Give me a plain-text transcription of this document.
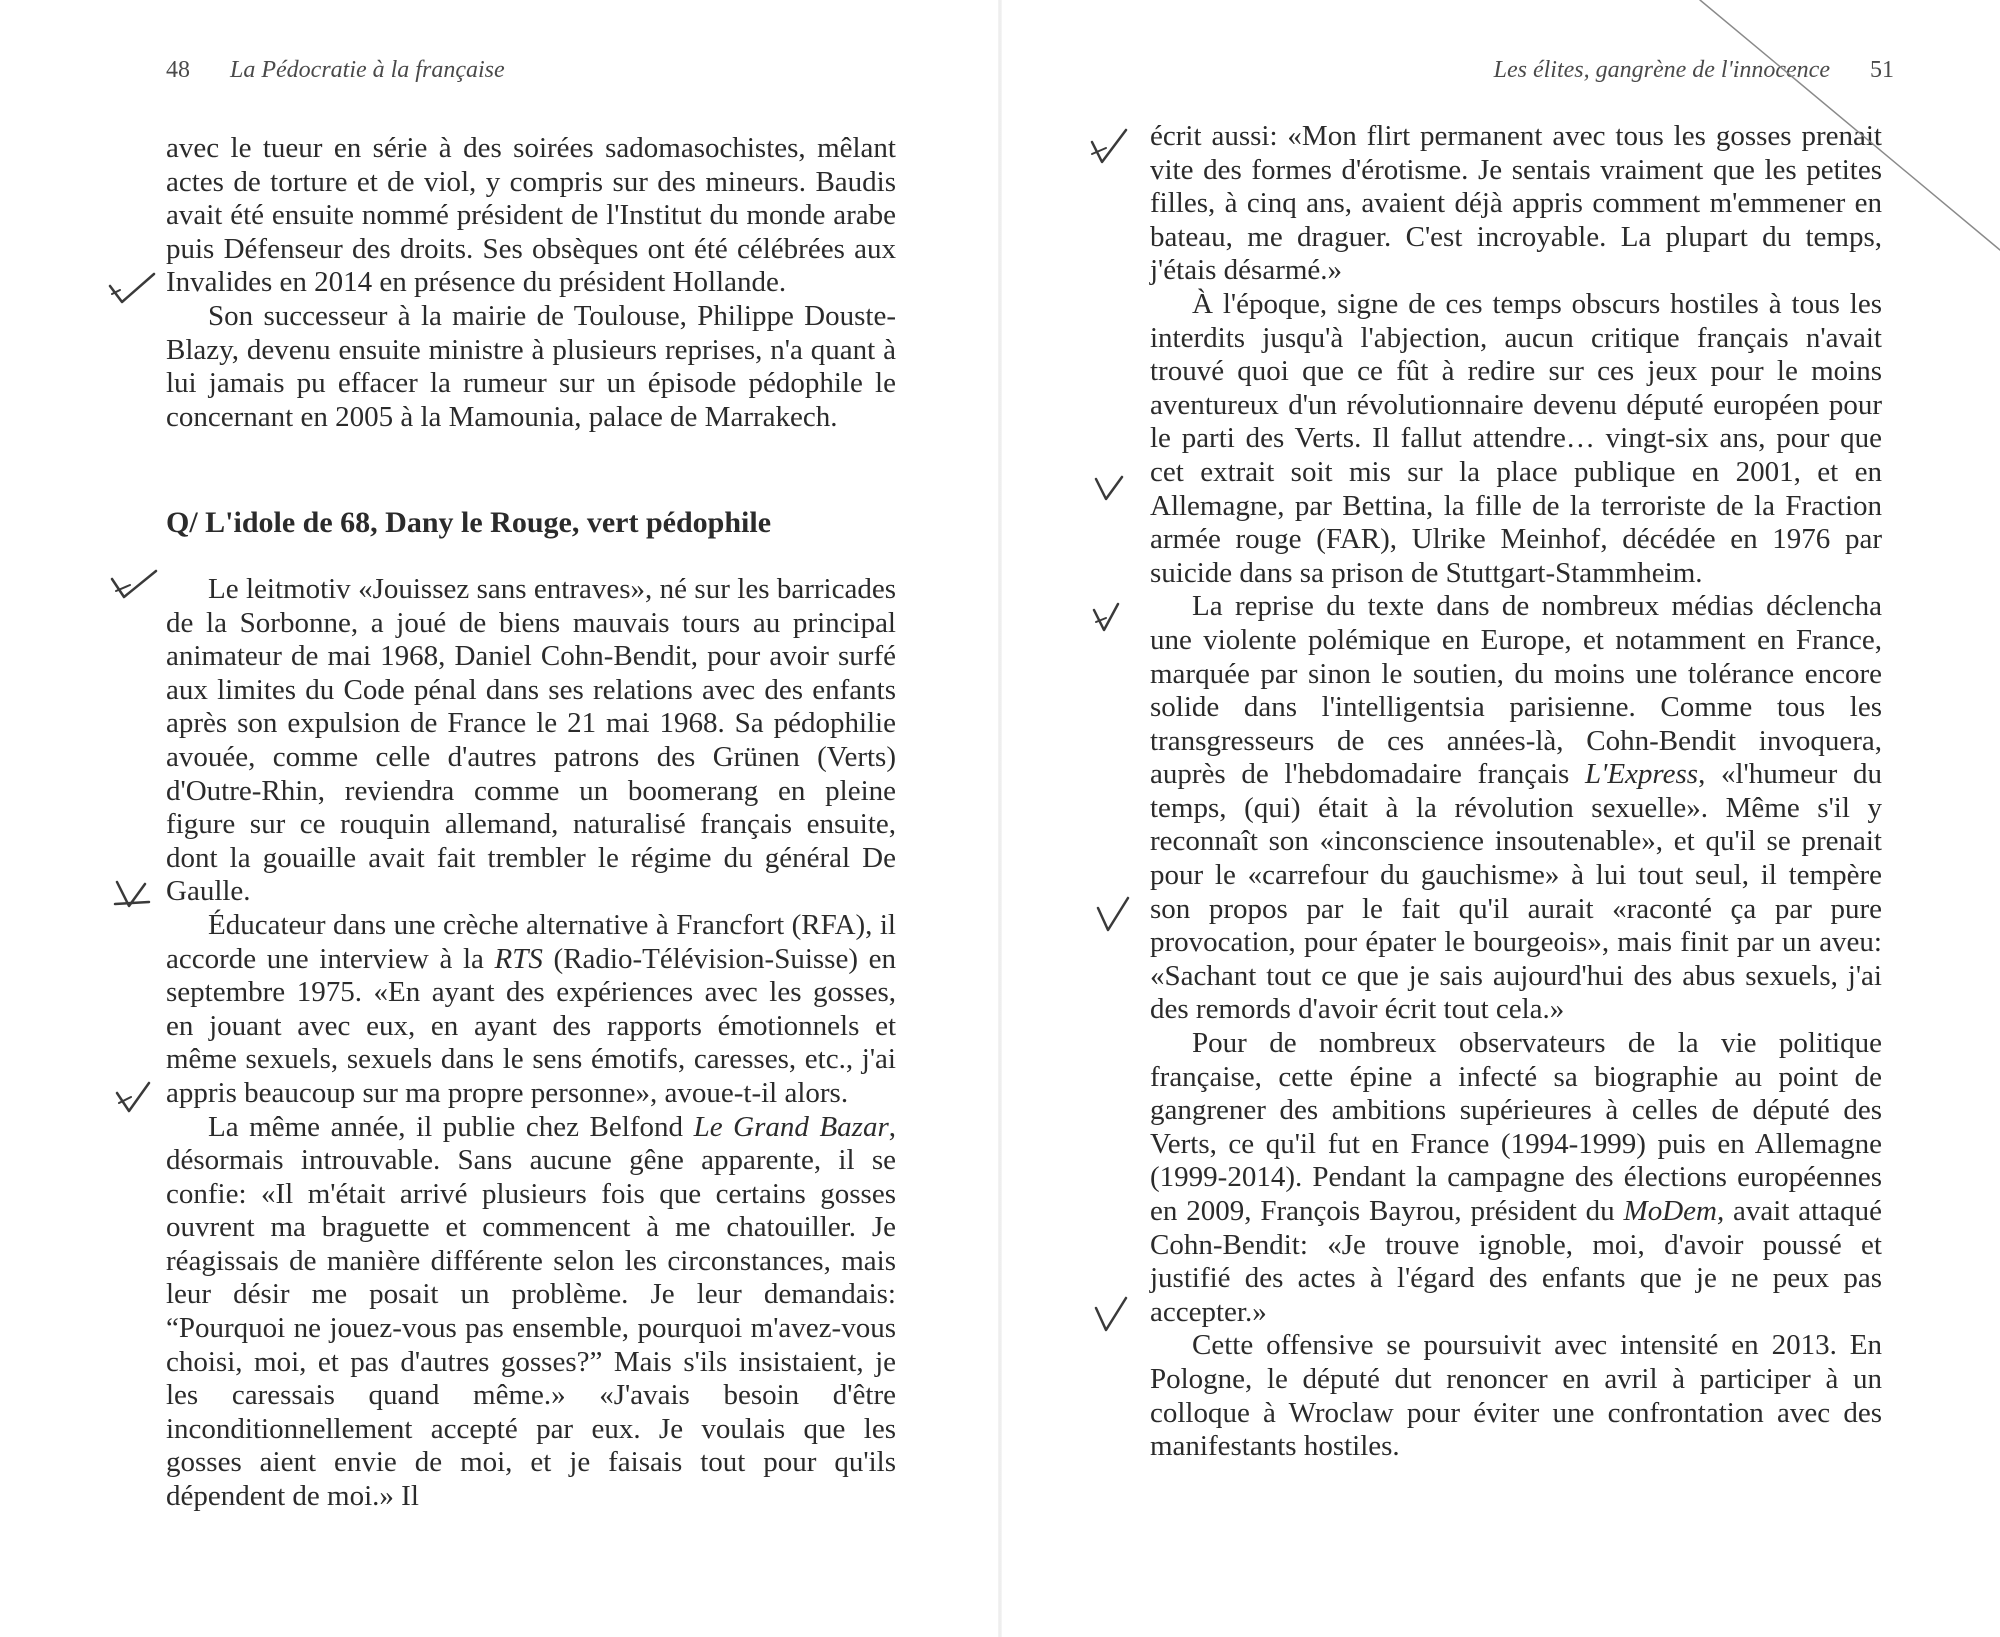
48 La Pédocratie à la française

avec le tueur en série à des soirées sadomasochistes, mêlant actes de torture et de viol, y compris sur des mineurs. Baudis avait été ensuite nommé président de l'Institut du monde arabe puis Défenseur des droits. Ses obsèques ont été célébrées aux Invalides en 2014 en présence du président Hollande.

Son successeur à la mairie de Toulouse, Philippe Douste-Blazy, devenu ensuite ministre à plusieurs reprises, n'a quant à lui jamais pu effacer la rumeur sur un épisode pédophile le concernant en 2005 à la Mamounia, palace de Marrakech.

Q/ L'idole de 68, Dany le Rouge, vert pédophile

Le leitmotiv «Jouissez sans entraves», né sur les barricades de la Sorbonne, a joué de biens mauvais tours au principal animateur de mai 1968, Daniel Cohn-Bendit, pour avoir surfé aux limites du Code pénal dans ses relations avec des enfants après son expulsion de France le 21 mai 1968. Sa pédophilie avouée, comme celle d'autres patrons des Grünen (Verts) d'Outre-Rhin, reviendra comme un boomerang en pleine figure sur ce rouquin allemand, naturalisé français ensuite, dont la gouaille avait fait trembler le régime du général De Gaulle.

Éducateur dans une crèche alternative à Francfort (RFA), il accorde une interview à la RTS (Radio-Télévision-Suisse) en septembre 1975. «En ayant des expériences avec les gosses, en jouant avec eux, en ayant des rapports émotionnels et même sexuels, sexuels dans le sens émotifs, caresses, etc., j'ai appris beaucoup sur ma propre personne», avoue-t-il alors.

La même année, il publie chez Belfond Le Grand Bazar, désormais introuvable. Sans aucune gêne apparente, il se confie: «Il m'était arrivé plusieurs fois que certains gosses ouvrent ma braguette et commencent à me chatouiller. Je réagissais de manière différente selon les circonstances, mais leur désir me posait un problème. Je leur demandais: “Pourquoi ne jouez-vous pas ensemble, pourquoi m'avez-vous choisi, moi, et pas d'autres gosses?” Mais s'ils insistaient, je les caressais quand même.» «J'avais besoin d'être inconditionnellement accepté par eux. Je voulais que les gosses aient envie de moi, et je faisais tout pour qu'ils dépendent de moi.» Il

Les élites, gangrène de l'innocence 51

écrit aussi: «Mon flirt permanent avec tous les gosses prenait vite des formes d'érotisme. Je sentais vraiment que les petites filles, à cinq ans, avaient déjà appris comment m'emmener en bateau, me draguer. C'est incroyable. La plupart du temps, j'étais désarmé.»

À l'époque, signe de ces temps obscurs hostiles à tous les interdits jusqu'à l'abjection, aucun critique français n'avait trouvé quoi que ce fût à redire sur ces jeux pour le moins aventureux d'un révolutionnaire devenu député européen pour le parti des Verts. Il fallut attendre… vingt-six ans, pour que cet extrait soit mis sur la place publique en 2001, et en Allemagne, par Bettina, la fille de la terroriste de la Fraction armée rouge (FAR), Ulrike Meinhof, décédée en 1976 par suicide dans sa prison de Stuttgart-Stammheim.

La reprise du texte dans de nombreux médias déclencha une violente polémique en Europe, et notamment en France, marquée par sinon le soutien, du moins une tolérance encore solide dans l'intelligentsia parisienne. Comme tous les transgresseurs de ces années-là, Cohn-Bendit invoquera, auprès de l'hebdomadaire français L'Express, «l'humeur du temps, (qui) était à la révolution sexuelle». Même s'il y reconnaît son «inconscience insoutenable», et qu'il se prenait pour le «carrefour du gauchisme» à lui tout seul, il tempère son propos par le fait qu'il aurait «raconté ça par pure provocation, pour épater le bourgeois», mais finit par un aveu: «Sachant tout ce que je sais aujourd'hui des abus sexuels, j'ai des remords d'avoir écrit tout cela.»

Pour de nombreux observateurs de la vie politique française, cette épine a infecté sa biographie au point de gangrener des ambitions supérieures à celles de député des Verts, ce qu'il fut en France (1994-1999) puis en Allemagne (1999-2014). Pendant la campagne des élections européennes en 2009, François Bayrou, président du MoDem, avait attaqué Cohn-Bendit: «Je trouve ignoble, moi, d'avoir poussé et justifié des actes à l'égard des enfants que je ne peux pas accepter.»

Cette offensive se poursuivit avec intensité en 2013. En Pologne, le député dut renoncer en avril à participer à un colloque à Wroclaw pour éviter une confrontation avec des manifestants hostiles.
